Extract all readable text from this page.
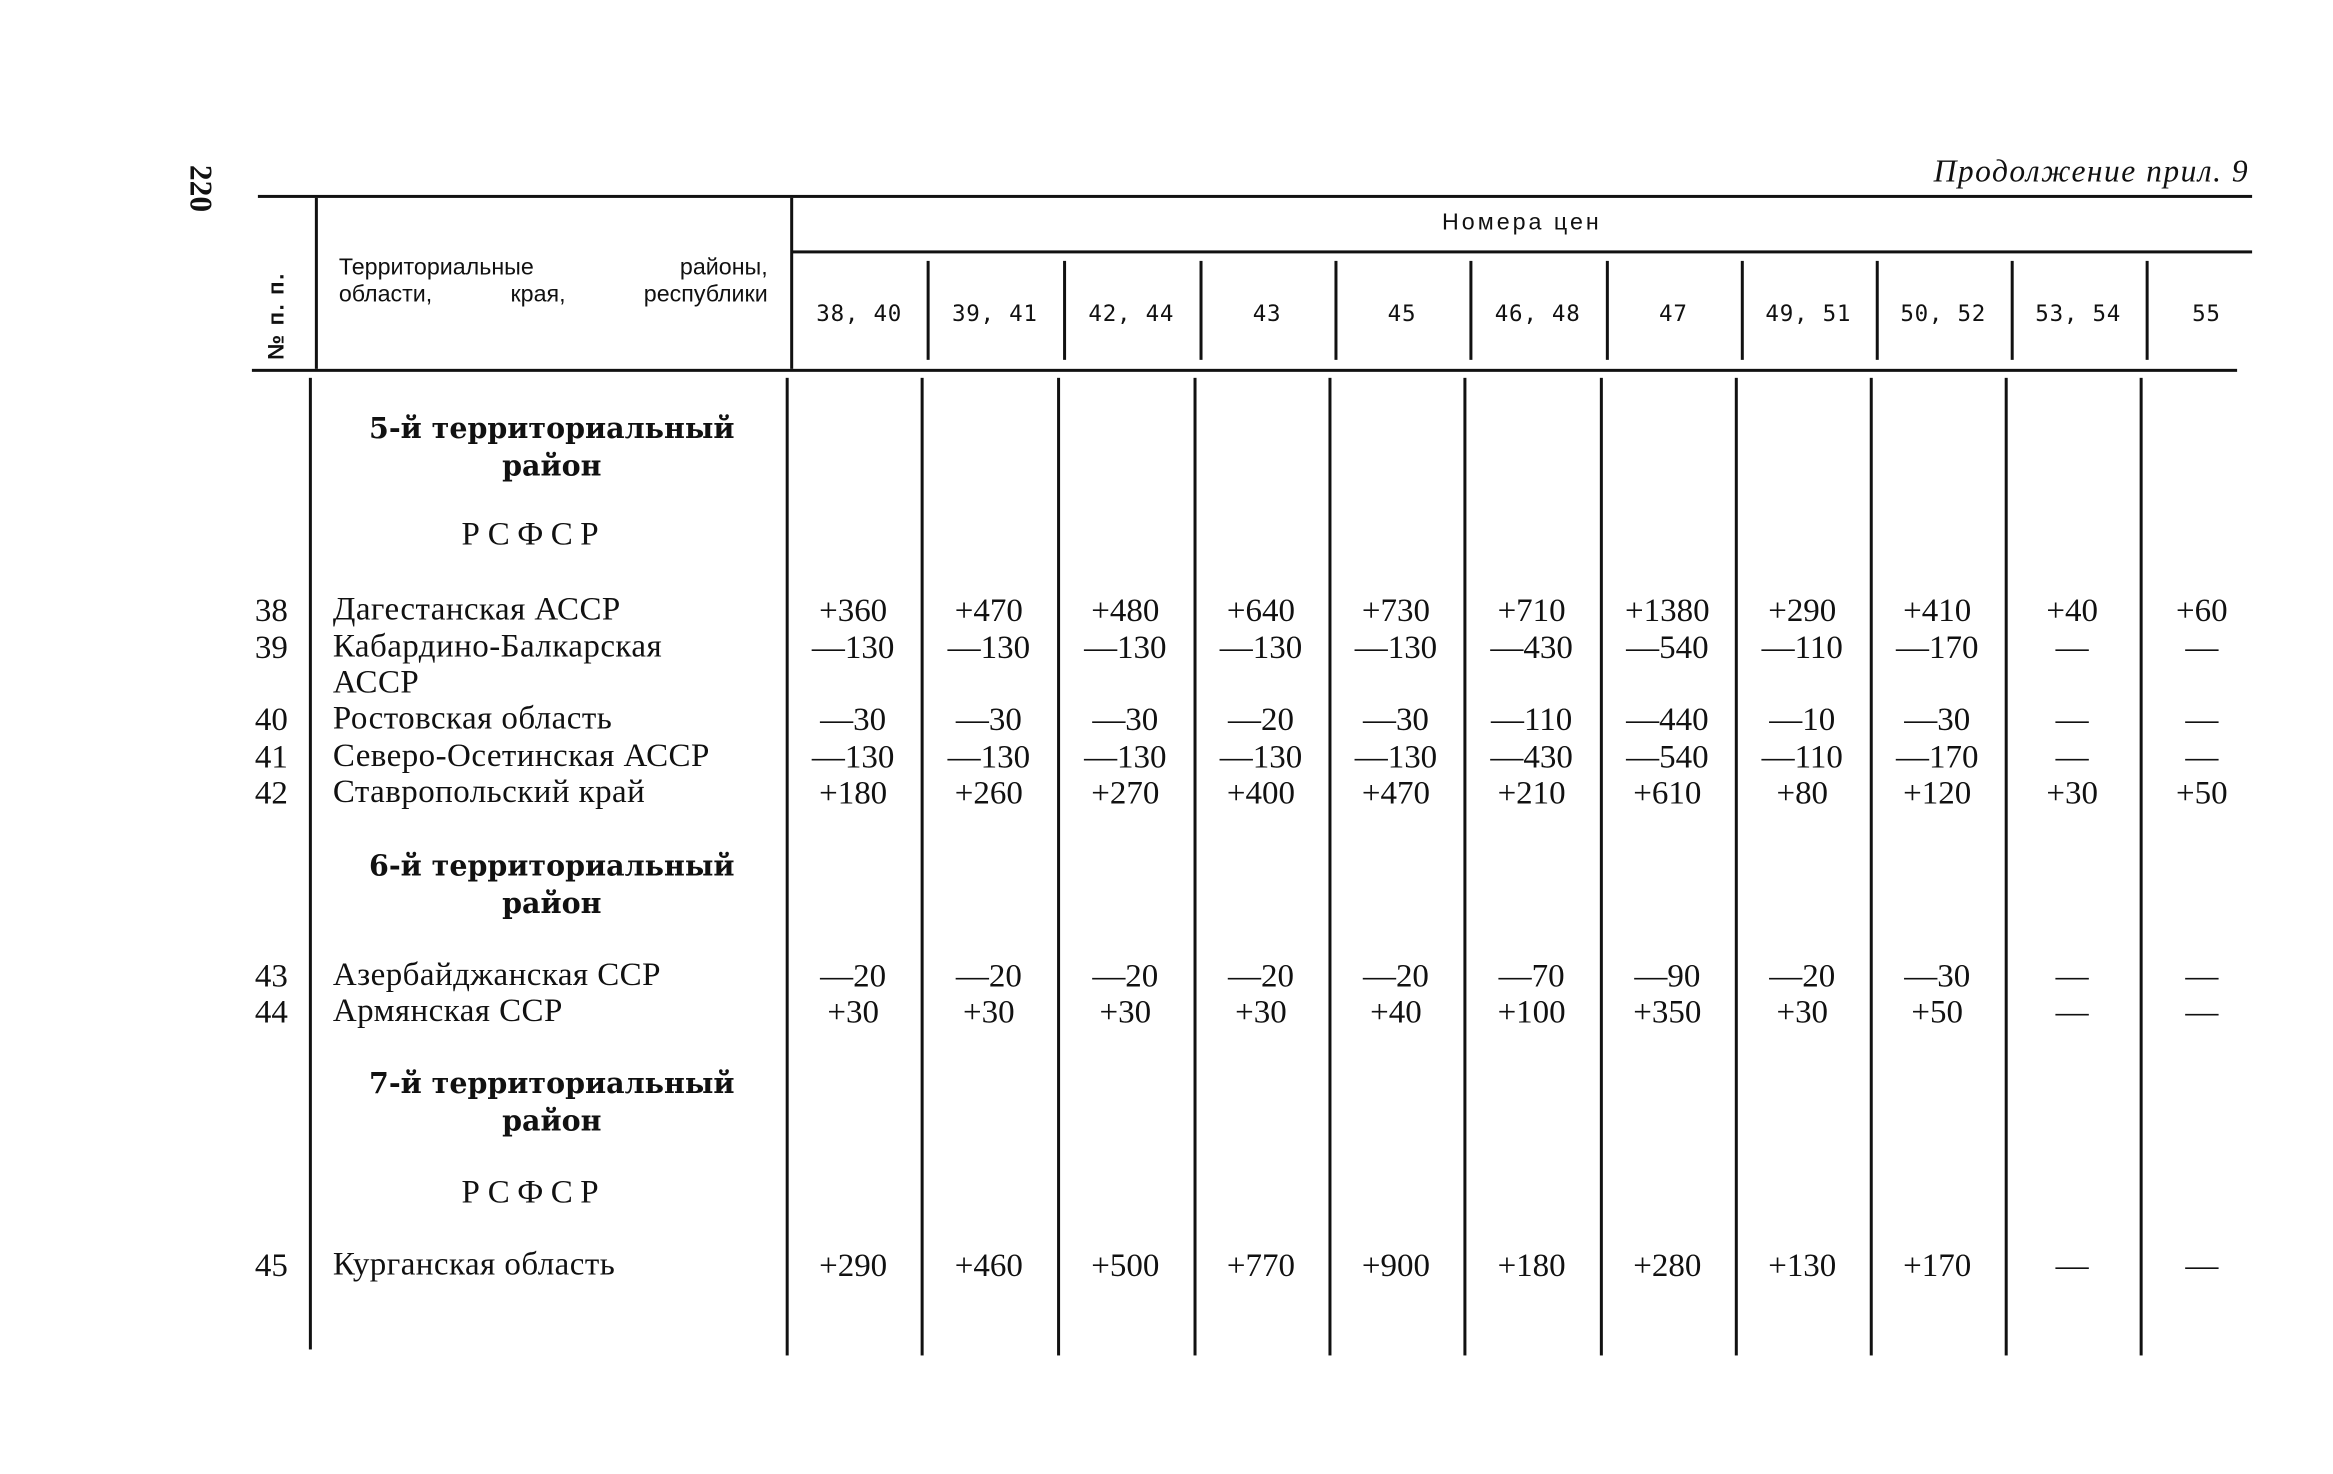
220	Продолжение прил. 9
№ п. п.
Территориальные	районы,
области,	края,	республики
Номера цен
38, 40	39, 41	42, 44	43	45	46, 48	47	49, 51	50, 52	53, 54	55
5-й территориальный
район
РСФСР
38 Дагестанская АССР	+360	+470	+480	+640	+730	+710	+1380	+290	+410	+40	+60
39 Кабардино-Балкарская
АССР
—130	—130	—130	—130	—130	—430	—540	—110	—170	—	—
40 Ростовская область	—30	—30	—30	—20	—30	—110	—440	—10	—30	—	—
41 Северо-Осетинская АССР	—130	—130	—130	—130	—130	—430	—540	—110	—170	—	—
42 Ставропольский край	+180	+260	+270	+400	+470	+210	+610	+80	+120	+30	+50
6-й территориальный
район
43 Азербайджанская ССР	—20	—20	—20	—20	—20	—70	—90	—20	—30	—	—
44 Армянская ССР	+30	+30	+30	+30	+40	+100	+350	+30	+50	—	—
7-й территориальный
район
РСФСР
45 Курганская область	+290	+460	+500	+770	+900	+180	+280	+130	+170	—	—
